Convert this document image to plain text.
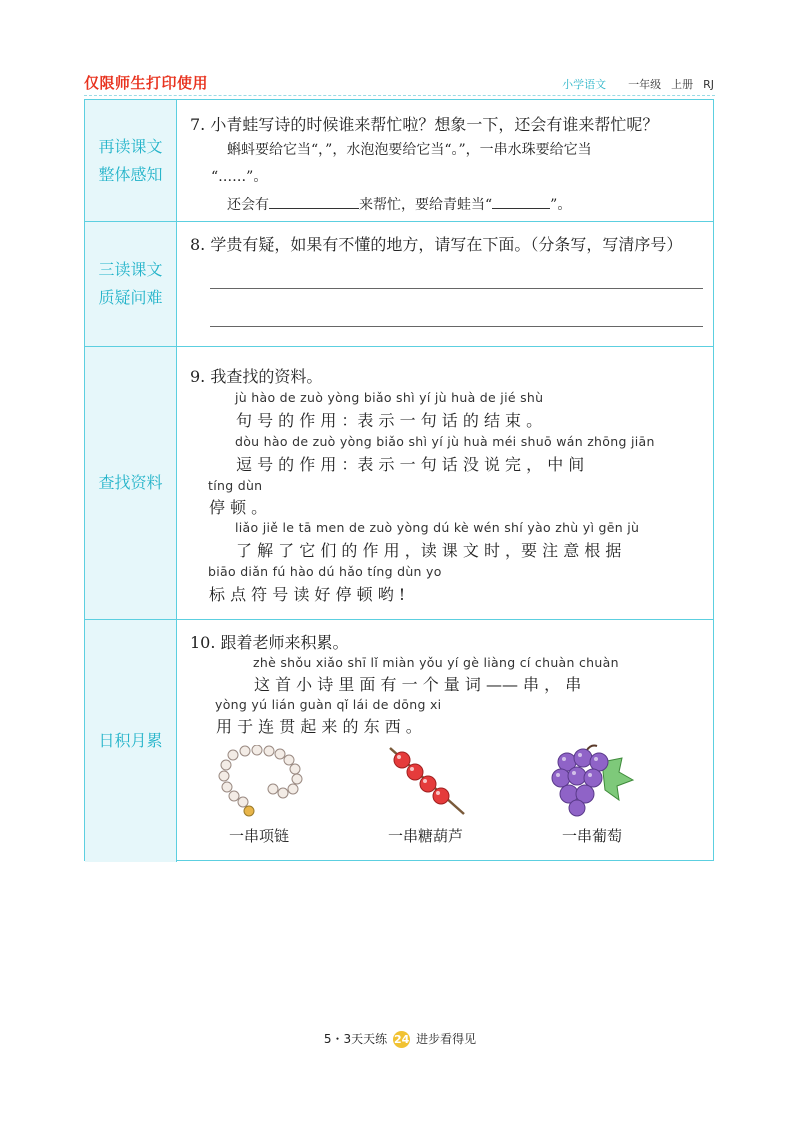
仅限师生打印使用	小学语文 一年级 上册 RJ
再读课文
整体感知
7. 小青蛙写诗的时候谁来帮忙啦？想象一下，还会有谁来帮忙呢？
蝌蚪要给它当“，”，水泡泡要给它当“。”，一串水珠要给它当
“……”。
还会有	来帮忙，要给青蛙当“	”。
三读课文
质疑问难
8. 学贵有疑，如果有不懂的地方，请写在下面。（分条写，写清序号）
查找资料
9. 我查找的资料。
jù hào de zuò yòng biǎo shì yí jù huà de jié shù
句 号 的 作 用 ：表 示 一 句 话 的 结 束 。
dòu hào de zuò yòng biǎo shì yí jù huà méi shuō wán zhōng jiān
逗 号 的 作 用 ：表 示 一 句 话 没 说 完 ， 中 间
tíng dùn
停 顿 。
liǎo jiě le tā men de zuò yòng dú kè wén shí yào zhù yì gēn jù
了 解 了 它 们 的 作 用 ，读 课 文 时 ，要 注 意 根 据
biāo diǎn fú hào dú hǎo tíng dùn yo
标 点 符 号 读 好 停 顿 哟 !
日积月累
10. 跟着老师来积累。
zhè shǒu xiǎo shī lǐ miàn yǒu yí gè liàng cí chuàn chuàn
这 首 小 诗 里 面 有 一 个 量 词 —— 串 ， 串
yòng yú lián guàn qǐ lái de dōng xi
用 于 连 贯 起 来 的 东 西 。
一串项链	一串糖葫芦	一串葡萄
5・3天天练 24 进步看得见
